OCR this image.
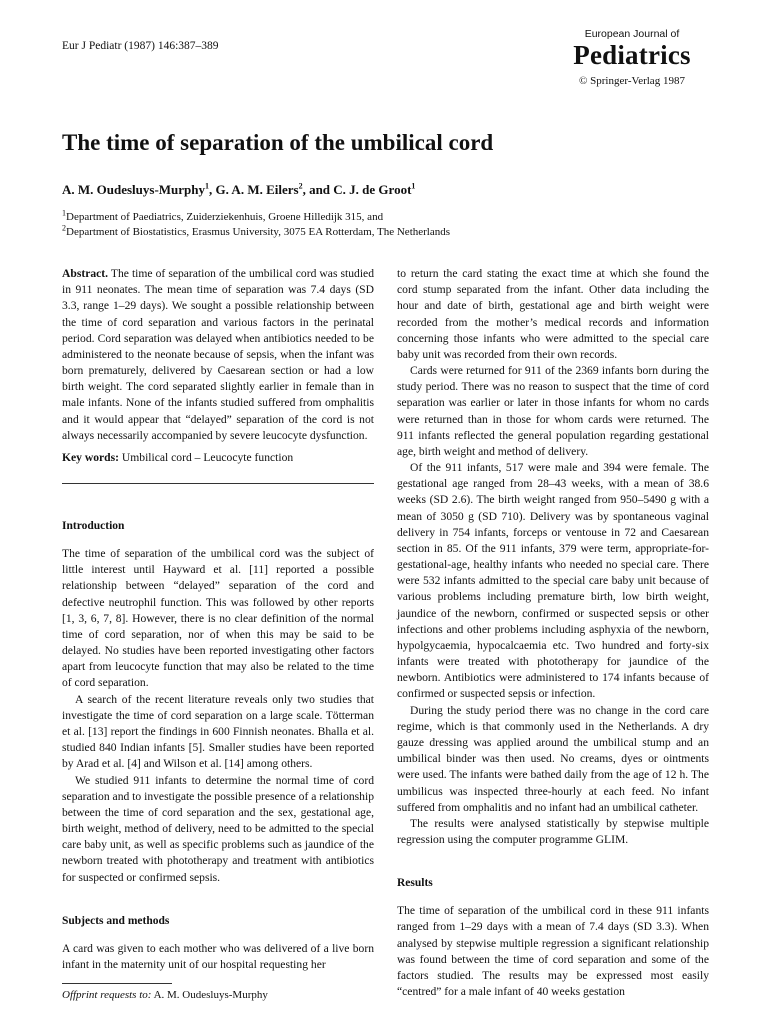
Eur J Pediatr (1987) 146:387–389
European Journal of
Pediatrics
© Springer-Verlag 1987
The time of separation of the umbilical cord
A. M. Oudesluys-Murphy$^1$, G. A. M. Eilers$^2$, and C. J. de Groot$^1$
$^1$Department of Paediatrics, Zuiderziekenhuis, Groene Hilledijk 315, and
$^2$Department of Biostatistics, Erasmus University, 3075 EA Rotterdam, The Netherlands

Abstract. The time of separation of the umbilical cord was studied in 911 neonates. The mean time of separation was 7.4 days (SD 3.3, range 1–29 days). We sought a possible relationship between the time of cord separation and various factors in the perinatal period. Cord separation was delayed when antibiotics needed to be administered to the neonate because of sepsis, when the infant was born prematurely, delivered by Caesarean section or had a low birth weight. The cord separated slightly earlier in female than in male infants. None of the infants studied suffered from omphalitis and it would appear that “delayed” separation of the cord is not always necessarily accompanied by severe leucocyte dysfunction.

Key words: Umbilical cord – Leucocyte function

Introduction

The time of separation of the umbilical cord was the subject of little interest until Hayward et al. [11] reported a possible relationship between “delayed” separation of the cord and defective neutrophil function. This was followed by other reports [1, 3, 6, 7, 8]. However, there is no clear definition of the normal time of cord separation, nor of when this may be said to be delayed. No studies have been reported investigating other factors apart from leucocyte function that may also be related to the time of cord separation.

A search of the recent literature reveals only two studies that investigate the time of cord separation on a large scale. Tötterman et al. [13] report the findings in 600 Finnish neonates. Bhalla et al. studied 840 Indian infants [5]. Smaller studies have been reported by Arad et al. [4] and Wilson et al. [14] among others.

We studied 911 infants to determine the normal time of cord separation and to investigate the possible presence of a relationship between the time of cord separation and the sex, gestational age, birth weight, method of delivery, need to be admitted to the special care baby unit, as well as specific problems such as jaundice of the newborn treated with phototherapy and treatment with antibiotics for suspected or confirmed sepsis.

Subjects and methods

A card was given to each mother who was delivered of a live born infant in the maternity unit of our hospital requesting her

Offprint requests to: A. M. Oudesluys-Murphy

to return the card stating the exact time at which she found the cord stump separated from the infant. Other data including the hour and date of birth, gestational age and birth weight were recorded from the mother’s medical records and information concerning those infants who were admitted to the special care baby unit was recorded from their own records.

Cards were returned for 911 of the 2369 infants born during the study period. There was no reason to suspect that the time of cord separation was earlier or later in those infants for whom no cards were returned than in those for whom cards were returned. The 911 infants reflected the general population regarding gestational age, birth weight and method of delivery.

Of the 911 infants, 517 were male and 394 were female. The gestational age ranged from 28–43 weeks, with a mean of 38.6 weeks (SD 2.6). The birth weight ranged from 950–5490 g with a mean of 3050 g (SD 710). Delivery was by spontaneous vaginal delivery in 754 infants, forceps or ventouse in 72 and Caesarean section in 85. Of the 911 infants, 379 were term, appropriate-for-gestational-age, healthy infants who needed no special care. There were 532 infants admitted to the special care baby unit because of various problems including premature birth, low birth weight, jaundice of the newborn, confirmed or suspected sepsis or other infections and other problems including asphyxia of the newborn, hypolgycaemia, hypocalcaemia etc. Two hundred and forty-six infants were treated with phototherapy for jaundice of the newborn. Antibiotics were administered to 174 infants because of confirmed or suspected sepsis or infection.

During the study period there was no change in the cord care regime, which is that commonly used in the Netherlands. A dry gauze dressing was applied around the umbilical stump and an umbilical binder was then used. No creams, dyes or ointments were used. The infants were bathed daily from the age of 12 h. The umbilicus was inspected three-hourly at each feed. No infant suffered from omphalitis and no infant had an umbilical catheter.

The results were analysed statistically by stepwise multiple regression using the computer programme GLIM.

Results

The time of separation of the umbilical cord in these 911 infants ranged from 1–29 days with a mean of 7.4 days (SD 3.3). When analysed by stepwise multiple regression a significant relationship was found between the time of cord separation and some of the factors studied. The results may be expressed most easily “centred” for a male infant of 40 weeks gestation
